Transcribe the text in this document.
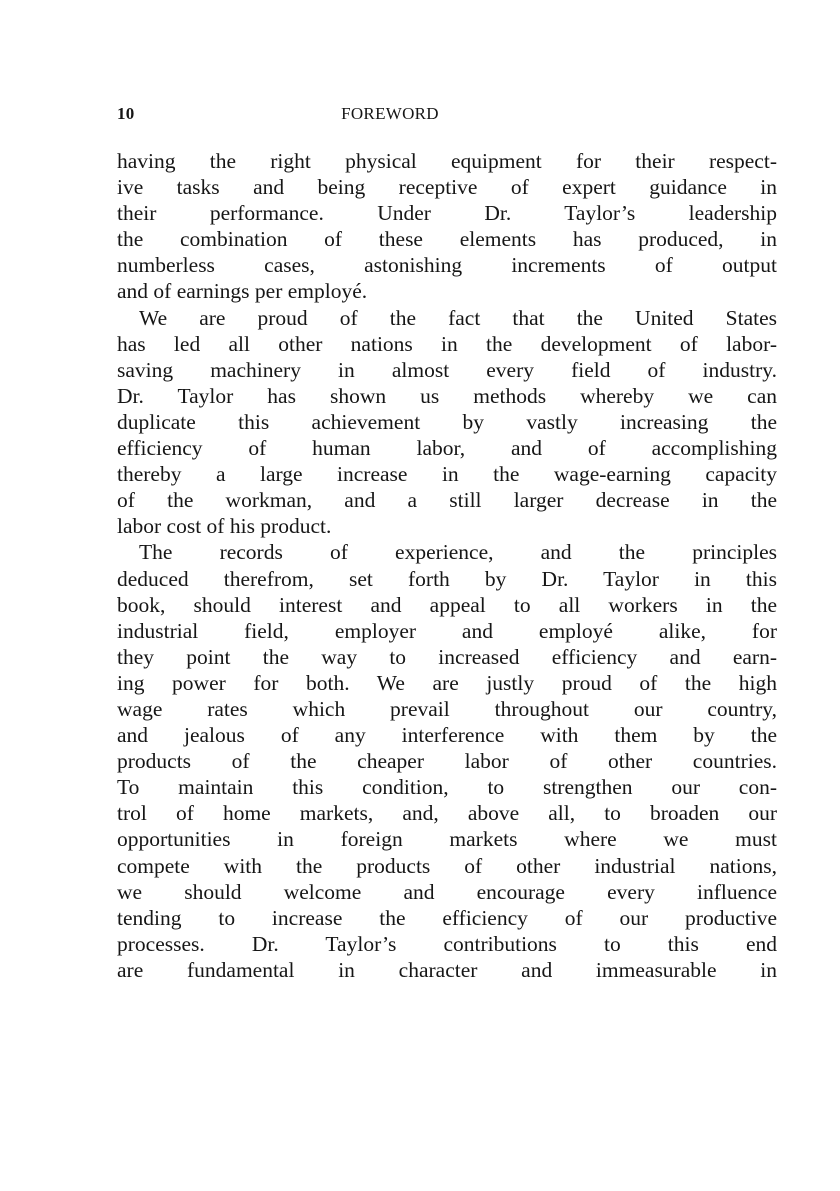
10	FOREWORD
having the right physical equipment for their respect-
ive tasks and being receptive of expert guidance in
their performance. Under Dr. Taylor’s leadership
the combination of these elements has produced, in
numberless cases, astonishing increments of output
and of earnings per employé.
We are proud of the fact that the United States
has led all other nations in the development of labor-
saving machinery in almost every field of industry.
Dr. Taylor has shown us methods whereby we can
duplicate this achievement by vastly increasing the
efficiency of human labor, and of accomplishing
thereby a large increase in the wage-earning capacity
of the workman, and a still larger decrease in the
labor cost of his product.
The records of experience, and the principles
deduced therefrom, set forth by Dr. Taylor in this
book, should interest and appeal to all workers in the
industrial field, employer and employé alike, for
they point the way to increased efficiency and earn-
ing power for both. We are justly proud of the high
wage rates which prevail throughout our country,
and jealous of any interference with them by the
products of the cheaper labor of other countries.
To maintain this condition, to strengthen our con-
trol of home markets, and, above all, to broaden our
opportunities in foreign markets where we must
compete with the products of other industrial nations,
we should welcome and encourage every influence
tending to increase the efficiency of our productive
processes. Dr. Taylor’s contributions to this end
are fundamental in character and immeasurable in
